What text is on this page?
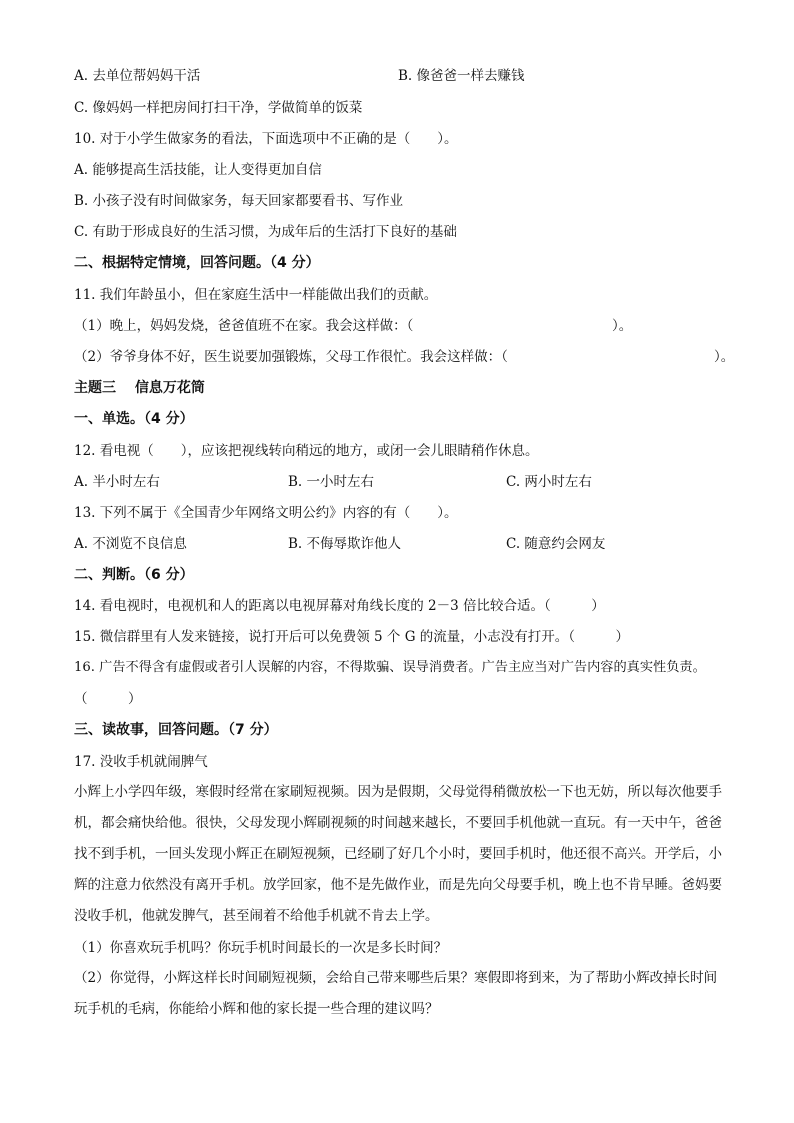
A. 去单位帮妈妈干活	B. 像爸爸一样去赚钱
C. 像妈妈一样把房间打扫干净，学做简单的饭菜
10. 对于小学生做家务的看法，下面选项中不正确的是（　　）。
A. 能够提高生活技能，让人变得更加自信
B. 小孩子没有时间做家务，每天回家都要看书、写作业
C. 有助于形成良好的生活习惯，为成年后的生活打下良好的基础
二、根据特定情境，回答问题。（4 分）
11. 我们年龄虽小，但在家庭生活中一样能做出我们的贡献。
（1）晚上，妈妈发烧，爸爸值班不在家。我会这样做：（	）。
（2）爷爷身体不好，医生说要加强锻炼，父母工作很忙。我会这样做：（	）。
主题三　 信息万花筒
一、单选。（4 分）
12. 看电视（　　），应该把视线转向稍远的地方，或闭一会儿眼睛稍作休息。
A. 半小时左右	B. 一小时左右	C. 两小时左右
13. 下列不属于《全国青少年网络文明公约》内容的有（　　）。
A. 不浏览不良信息	B. 不侮辱欺诈他人	C. 随意约会网友
二、判断。（6 分）
14. 看电视时，电视机和人的距离以电视屏幕对角线长度的 2－3 倍比较合适。（　　　）
15. 微信群里有人发来链接，说打开后可以免费领 5 个 G 的流量，小志没有打开。（　　　）
16. 广告不得含有虚假或者引人误解的内容，不得欺骗、误导消费者。广告主应当对广告内容的真实性负责。
（　　　）
三、读故事，回答问题。（7 分）
17. 没收手机就闹脾气
小辉上小学四年级，寒假时经常在家刷短视频。因为是假期，父母觉得稍微放松一下也无妨，所以每次他要手机，都会痛快给他。很快，父母发现小辉刷视频的时间越来越长，不要回手机他就一直玩。有一天中午，爸爸找不到手机，一回头发现小辉正在刷短视频，已经刷了好几个小时，要回手机时，他还很不高兴。开学后，小辉的注意力依然没有离开手机。放学回家，他不是先做作业，而是先向父母要手机，晚上也不肯早睡。爸妈要没收手机，他就发脾气，甚至闹着不给他手机就不肯去上学。
（1）你喜欢玩手机吗？你玩手机时间最长的一次是多长时间？
（2）你觉得，小辉这样长时间刷短视频，会给自己带来哪些后果？寒假即将到来，为了帮助小辉改掉长时间玩手机的毛病，你能给小辉和他的家长提一些合理的建议吗？
